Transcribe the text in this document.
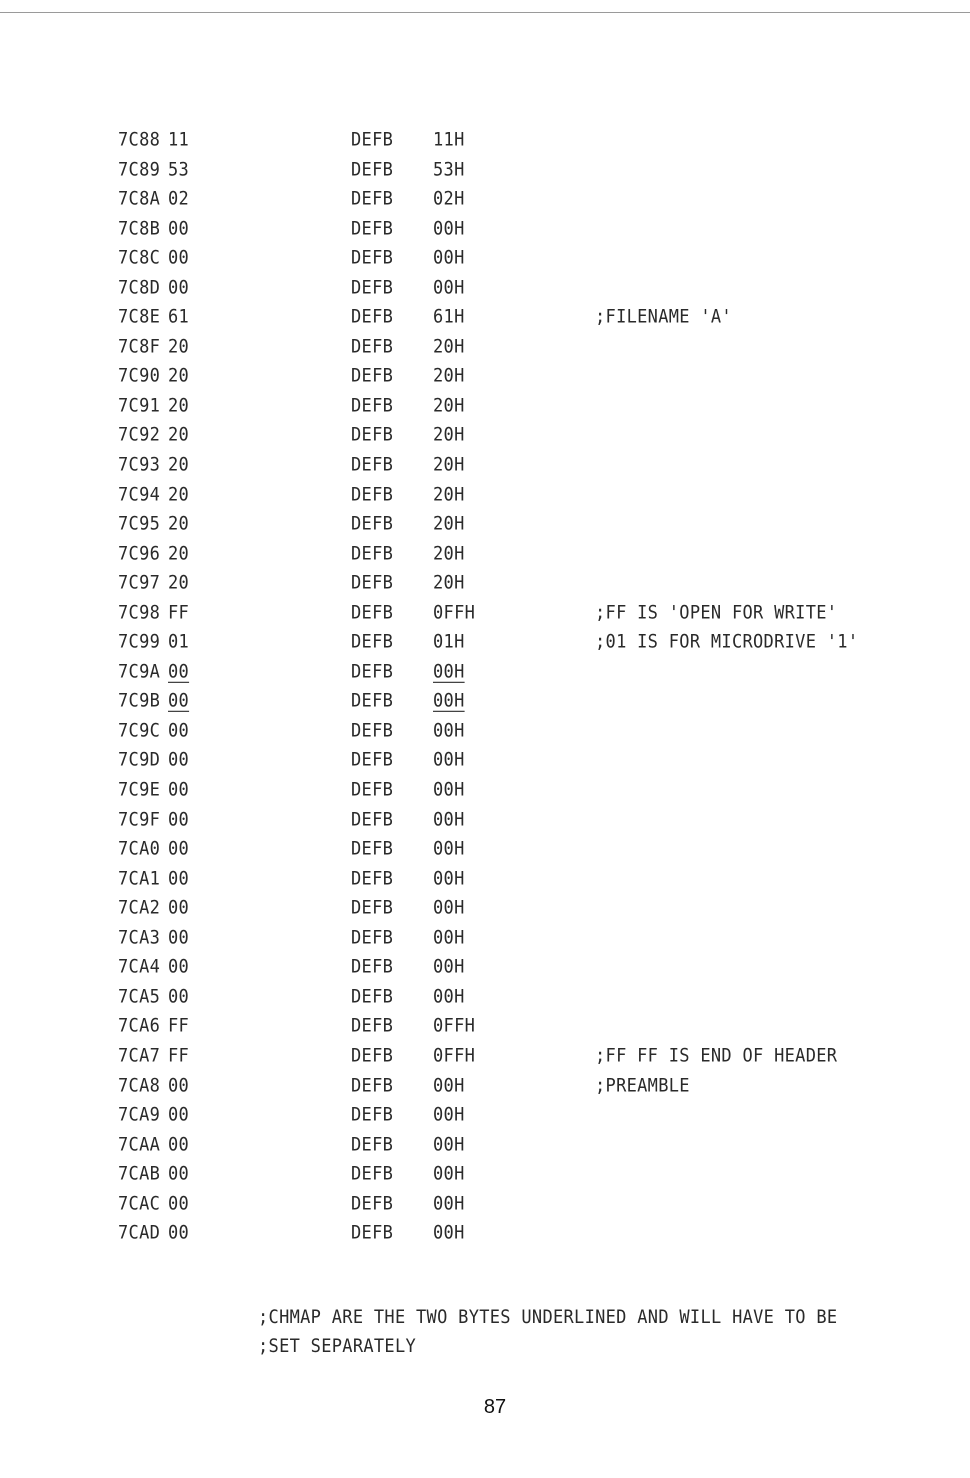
7C88 11	DEFB 11H
7C89 53	DEFB 53H
7C8A 02	DEFB 02H
7C8B 00	DEFB 00H
7C8C 00	DEFB 00H
7C8D 00	DEFB 00H
7C8E 61	DEFB 61H	;FILENAME 'A'
7C8F 20	DEFB 20H
7C90 20	DEFB 20H
7C91 20	DEFB 20H
7C92 20	DEFB 20H
7C93 20	DEFB 20H
7C94 20	DEFB 20H
7C95 20	DEFB 20H
7C96 20	DEFB 20H
7C97 20	DEFB 20H
7C98 FF	DEFB 0FFH	;FF IS 'OPEN FOR WRITE'
7C99 01	DEFB 01H	;01 IS FOR MICRODRIVE '1'
7C9A 00	DEFB 00H
7C9B 00	DEFB 00H
7C9C 00	DEFB 00H
7C9D 00	DEFB 00H
7C9E 00	DEFB 00H
7C9F 00	DEFB 00H
7CA0 00	DEFB 00H
7CA1 00	DEFB 00H
7CA2 00	DEFB 00H
7CA3 00	DEFB 00H
7CA4 00	DEFB 00H
7CA5 00	DEFB 00H
7CA6 FF	DEFB 0FFH
7CA7 FF	DEFB 0FFH	;FF FF IS END OF HEADER
7CA8 00	DEFB 00H	;PREAMBLE
7CA9 00	DEFB 00H
7CAA 00	DEFB 00H
7CAB 00	DEFB 00H
7CAC 00	DEFB 00H
7CAD 00	DEFB 00H
;CHMAP ARE THE TWO BYTES UNDERLINED AND WILL HAVE TO BE
;SET SEPARATELY
87
